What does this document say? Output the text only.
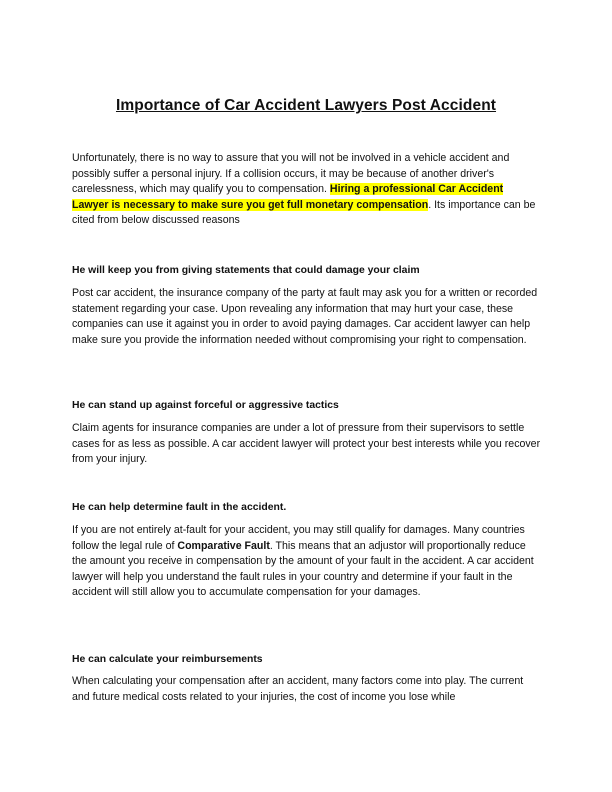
Importance of Car Accident Lawyers Post Accident

Unfortunately, there is no way to assure that you will not be involved in a vehicle accident and possibly suffer a personal injury. If a collision occurs, it may be because of another driver's carelessness, which may qualify you to compensation. Hiring a professional Car Accident Lawyer is necessary to make sure you get full monetary compensation. Its importance can be cited from below discussed reasons

He will keep you from giving statements that could damage your claim

Post car accident, the insurance company of the party at fault may ask you for a written or recorded statement regarding your case. Upon revealing any information that may hurt your case, these companies can use it against you in order to avoid paying damages. Car accident lawyer can help make sure you provide the information needed without compromising your right to compensation.

He can stand up against forceful or aggressive tactics

Claim agents for insurance companies are under a lot of pressure from their supervisors to settle cases for as less as possible. A car accident lawyer will protect your best interests while you recover from your injury.

He can help determine fault in the accident.

If you are not entirely at-fault for your accident, you may still qualify for damages. Many countries follow the legal rule of Comparative Fault. This means that an adjustor will proportionally reduce the amount you receive in compensation by the amount of your fault in the accident. A car accident lawyer will help you understand the fault rules in your country and determine if your fault in the accident will still allow you to accumulate compensation for your damages.

He can calculate your reimbursements

When calculating your compensation after an accident, many factors come into play. The current and future medical costs related to your injuries, the cost of income you lose while
